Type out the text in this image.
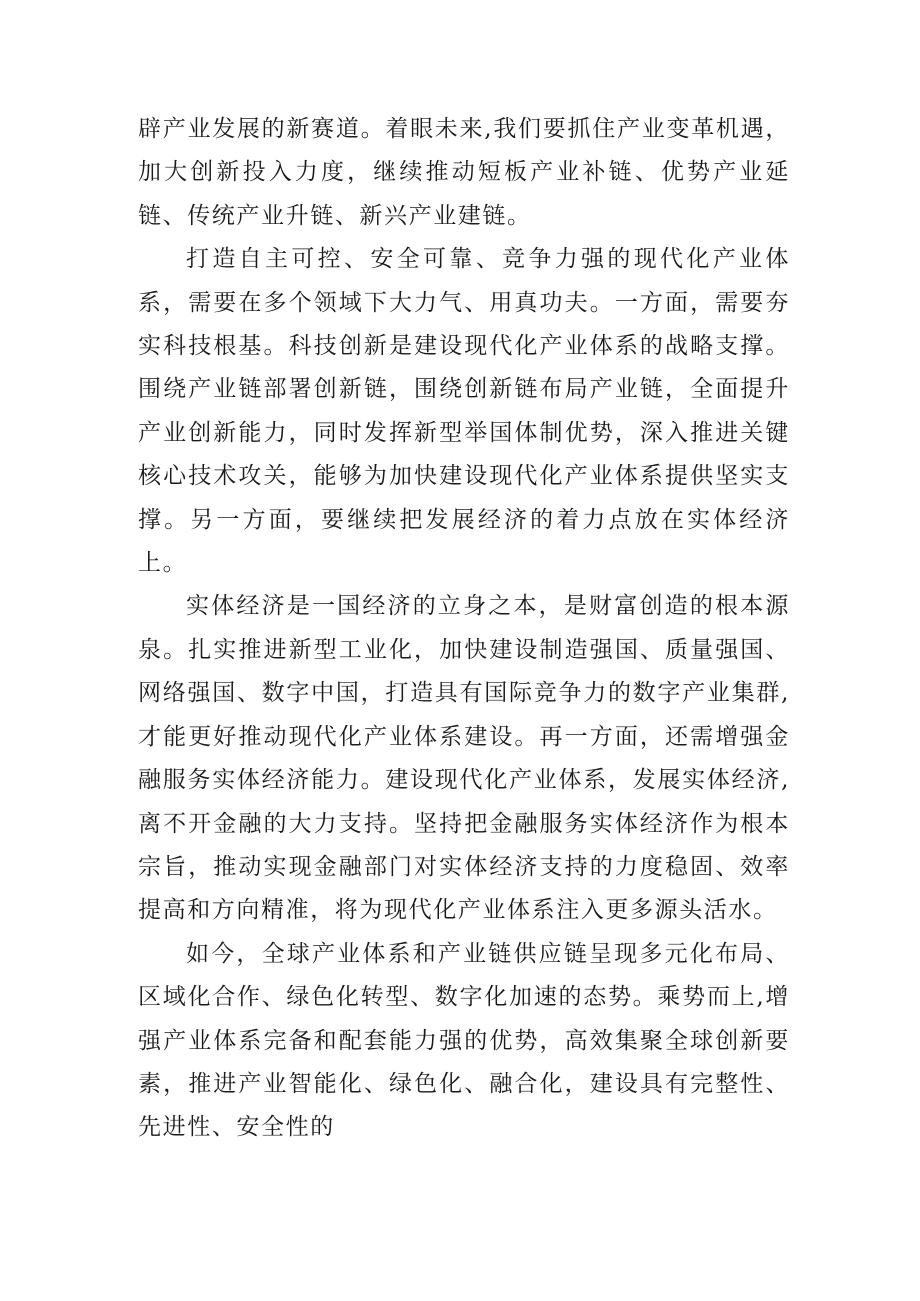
辟产业发展的新赛道。着眼未来,我们要抓住产业变革机遇，加大创新投入力度，继续推动短板产业补链、优势产业延链、传统产业升链、新兴产业建链。

打造自主可控、安全可靠、竞争力强的现代化产业体系，需要在多个领域下大力气、用真功夫。一方面，需要夯实科技根基。科技创新是建设现代化产业体系的战略支撑。围绕产业链部署创新链，围绕创新链布局产业链，全面提升产业创新能力，同时发挥新型举国体制优势，深入推进关键核心技术攻关，能够为加快建设现代化产业体系提供坚实支撑。另一方面，要继续把发展经济的着力点放在实体经济上。

实体经济是一国经济的立身之本，是财富创造的根本源泉。扎实推进新型工业化，加快建设制造强国、质量强国、网络强国、数字中国，打造具有国际竞争力的数字产业集群,才能更好推动现代化产业体系建设。再一方面，还需增强金融服务实体经济能力。建设现代化产业体系，发展实体经济,离不开金融的大力支持。坚持把金融服务实体经济作为根本宗旨，推动实现金融部门对实体经济支持的力度稳固、效率提高和方向精准，将为现代化产业体系注入更多源头活水。

如今，全球产业体系和产业链供应链呈现多元化布局、区域化合作、绿色化转型、数字化加速的态势。乘势而上,增强产业体系完备和配套能力强的优势，高效集聚全球创新要素，推进产业智能化、绿色化、融合化，建设具有完整性、先进性、安全性的
